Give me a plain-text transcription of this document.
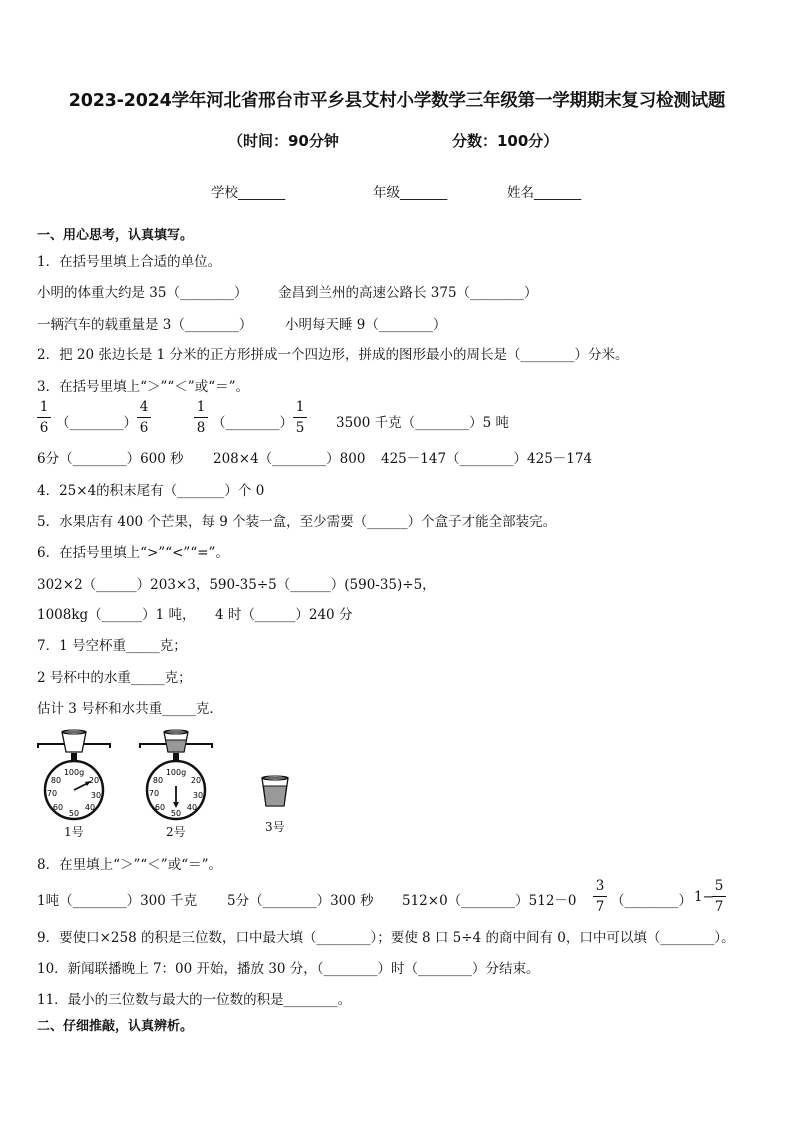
2023-2024学年河北省邢台市平乡县艾村小学数学三年级第一学期期末复习检测试题
（时间：90分钟	分数：100分）
学校_______	年级_______	姓名_______
一、用心思考，认真填写。
1．在括号里填上合适的单位。
小明的体重大约是 35（________） 金昌到兰州的高速公路长 375（________）
一辆汽车的载重量是 3（________） 小明每天睡 9（________）
2．把 20 张边长是 1 分米的正方形拼成一个四边形，拼成的图形最小的周长是（________）分米。
3．在括号里填上“＞”“＜”或“＝”。
1
6 （________）
4
6
1
8 （________）
1
5 3500 千克（________）5 吨
6分（________）600 秒 208×4（________）800 425－147（________）425－174
4．25×4的积末尾有（_______）个 0
5．水果店有 400 个芒果，每 9 个装一盒，至少需要（______）个盒子才能全部装完。
6．在括号里填上“>”“<”“=”。
302×2（______）203×3，590-35÷5（______）(590-35)÷5，
1008kg（______）1 吨， 4 时（______）240 分
7．1 号空杯重_____克；
2 号杯中的水重_____克；
估计 3 号杯和水共重_____克．
100g
20
30
40
50
60
70
80
1号
100g
20
30
40
50
60
70
80
2号	3号
8．在里填上“＞”“＜”或“＝”。
1吨（________）300 千克 5分（________）300 秒 512×0（________）512－0
3
7 （________） 1−
5
7
9．要使口×258 的积是三位数，口中最大填（________）；要使 8 口 5÷4 的商中间有 0，口中可以填（________）。
10．新闻联播晚上 7：00 开始，播放 30 分，（________）时（________）分结束。
11．最小的三位数与最大的一位数的积是________。
二、仔细推敲，认真辨析。
